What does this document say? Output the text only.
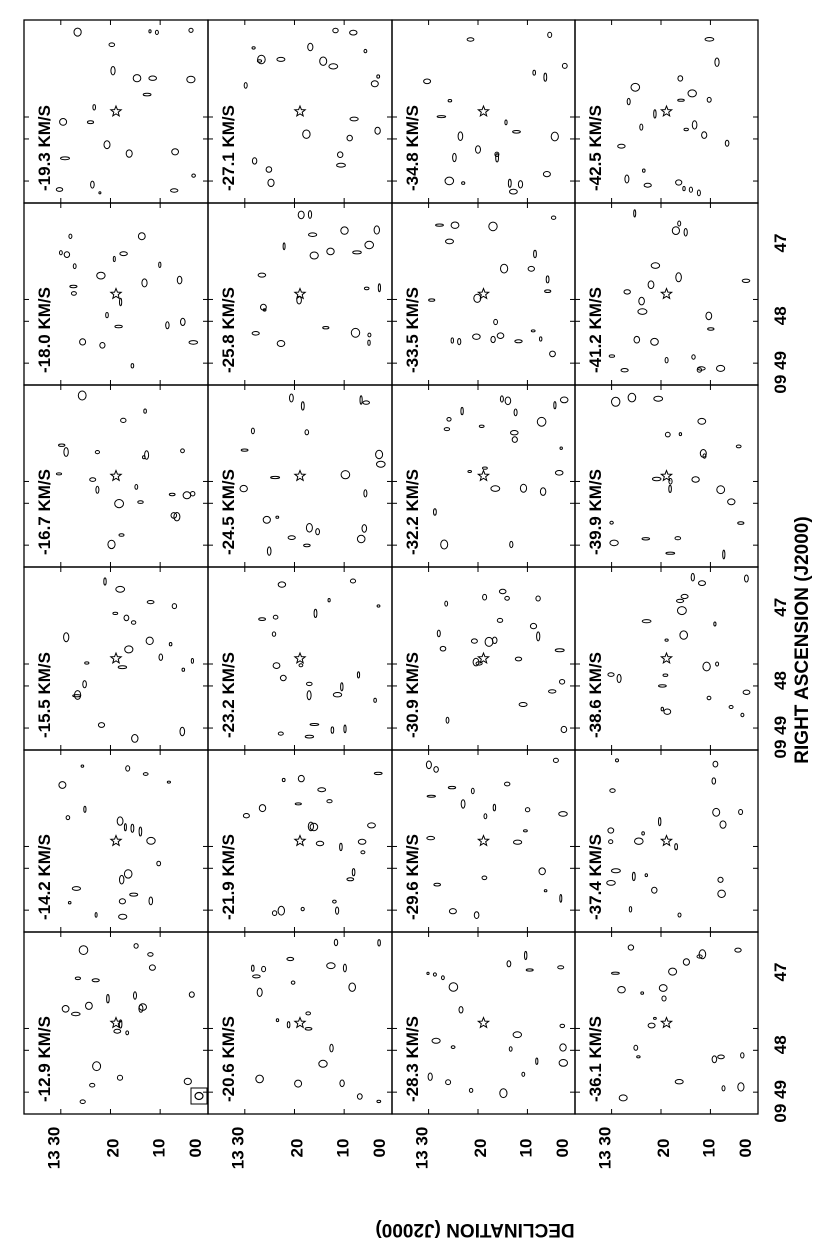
-12.9 KM/S
-14.2 KM/S
-15.5 KM/S
-16.7 KM/S
-18.0 KM/S
-19.3 KM/S
-20.6 KM/S
-21.9 KM/S
-23.2 KM/S
-24.5 KM/S
-25.8 KM/S
-27.1 KM/S
-28.3 KM/S
-29.6 KM/S
-30.9 KM/S
-32.2 KM/S
-33.5 KM/S
-34.8 KM/S
-36.1 KM/S
-37.4 KM/S
-38.6 KM/S
-39.9 KM/S
-41.2 KM/S
-42.5 KM/S
13 30 20 10 00 13 30 20 10 00 13 30 20 10 00 13 30 20 10 00
09 49
48
47
09 49
48
47
09 49
48
47
DECLINATION (J2000)
RIGHT ASCENSION (J2000)
